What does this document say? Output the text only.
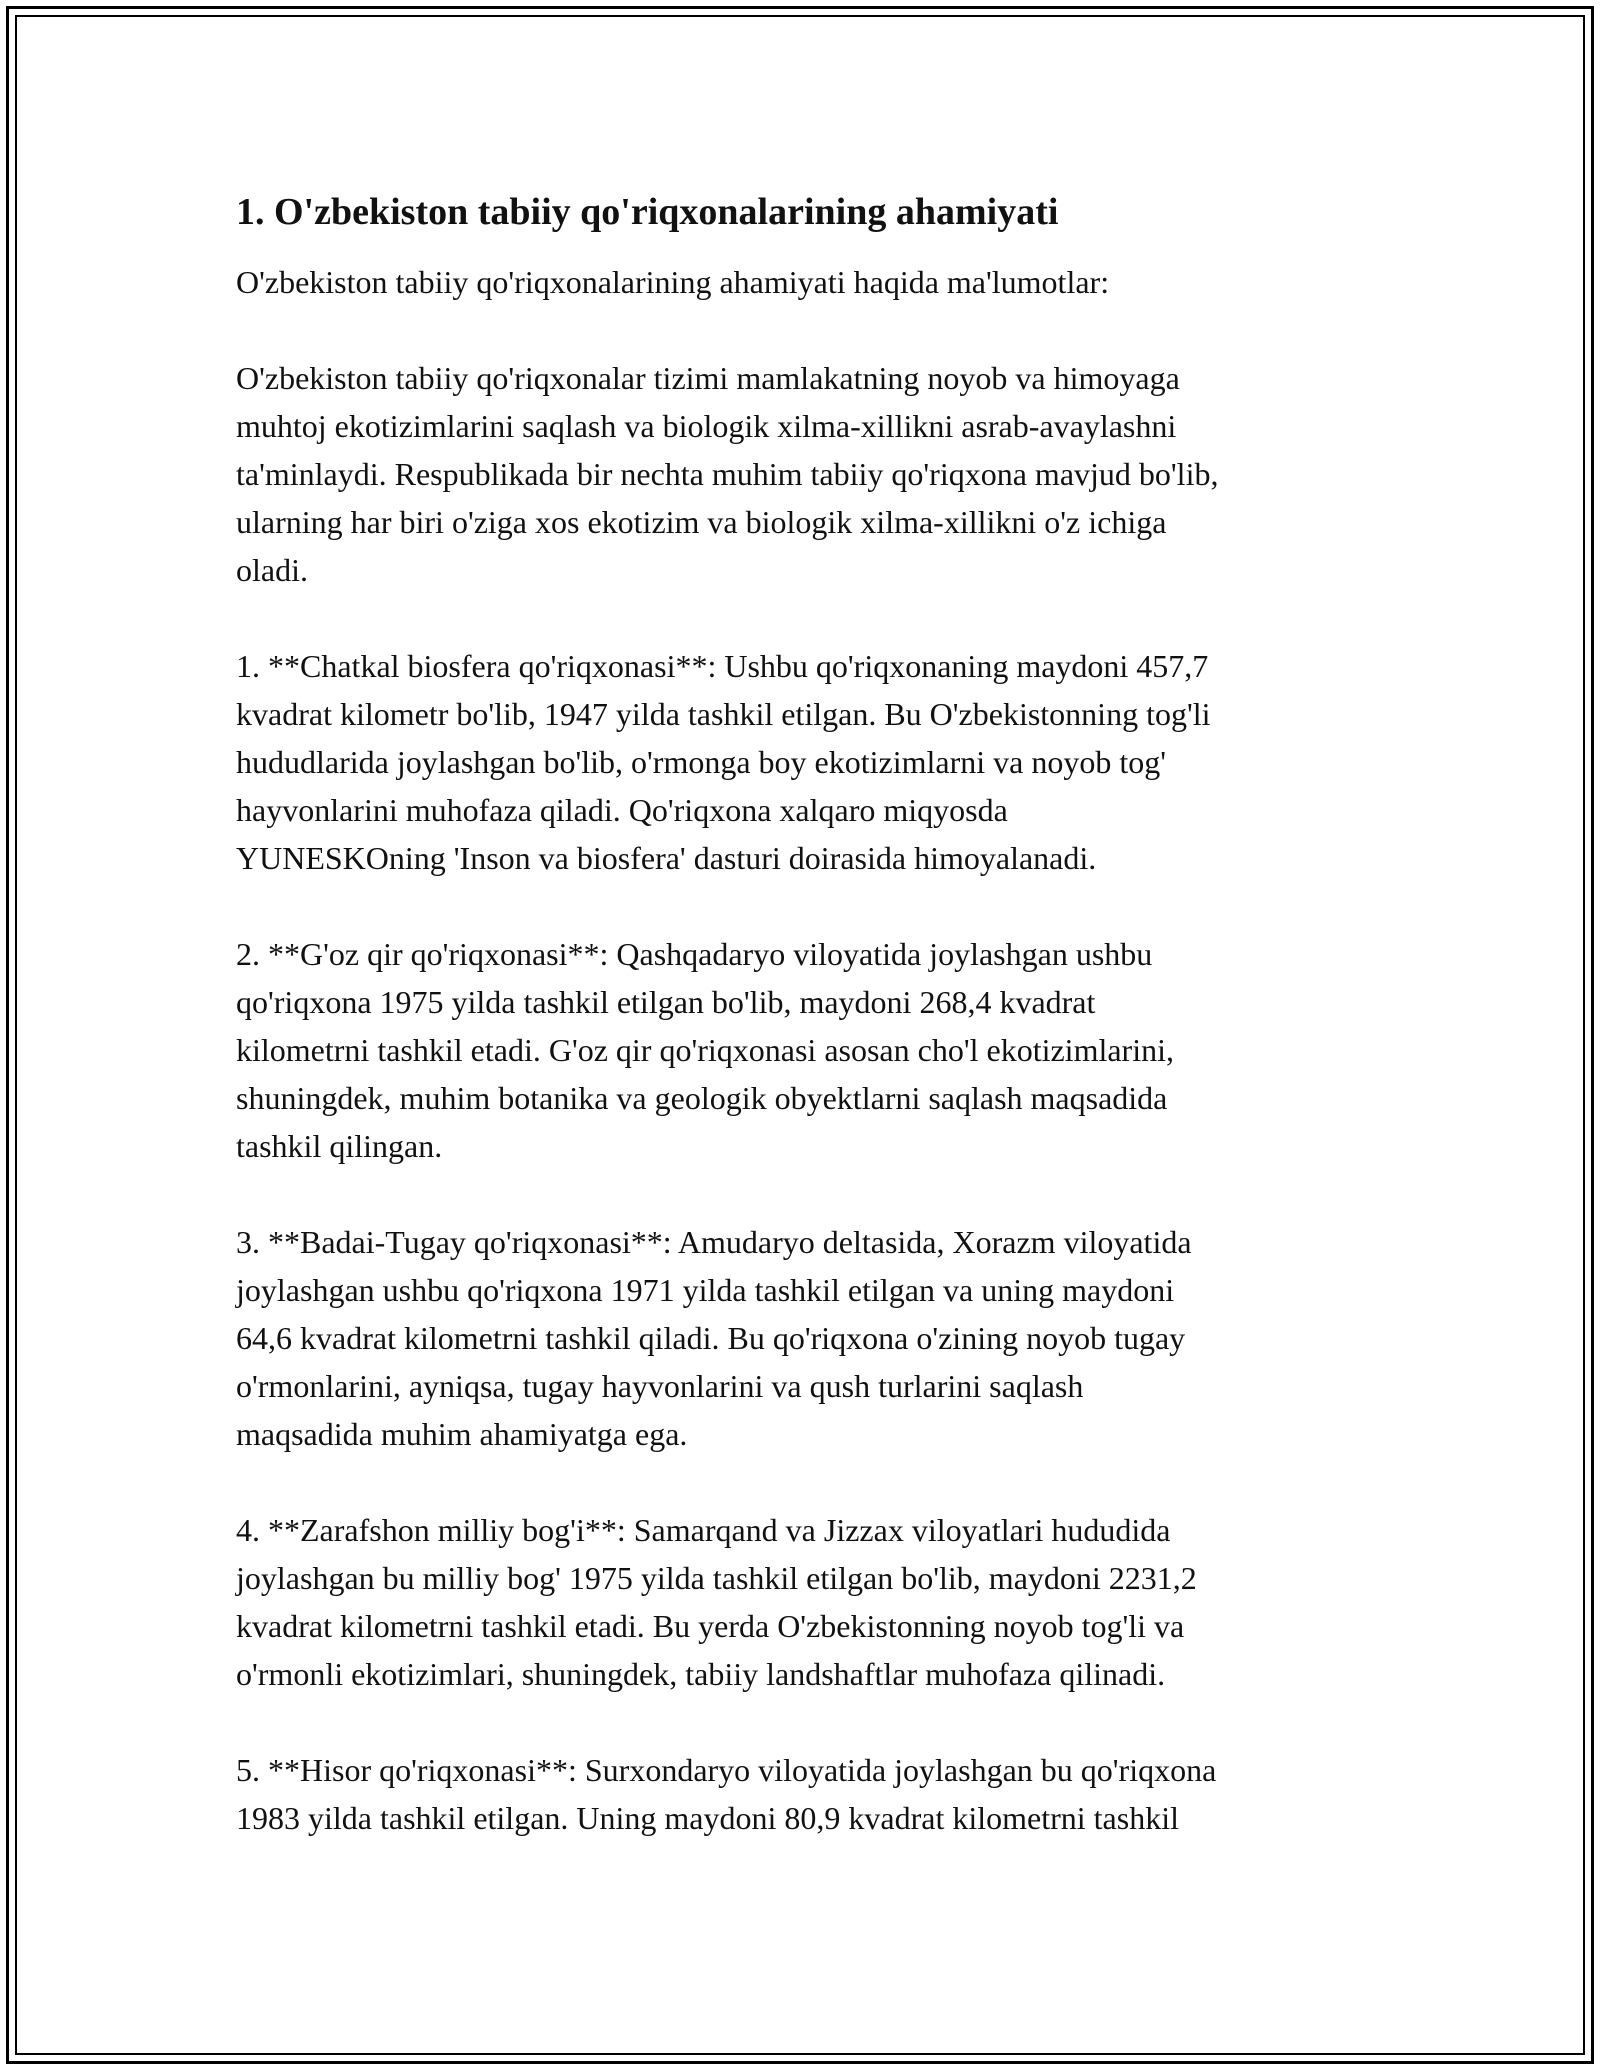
1. O'zbekiston tabiiy qo'riqxonalarining ahamiyati

O'zbekiston tabiiy qo'riqxonalarining ahamiyati haqida ma'lumotlar:

O'zbekiston tabiiy qo'riqxonalar tizimi mamlakatning noyob va himoyaga
muhtoj ekotizimlarini saqlash va biologik xilma-xillikni asrab-avaylashni
ta'minlaydi. Respublikada bir nechta muhim tabiiy qo'riqxona mavjud bo'lib,
ularning har biri o'ziga xos ekotizim va biologik xilma-xillikni o'z ichiga
oladi.

1. **Chatkal biosfera qo'riqxonasi**: Ushbu qo'riqxonaning maydoni 457,7
kvadrat kilometr bo'lib, 1947 yilda tashkil etilgan. Bu O'zbekistonning tog'li
hududlarida joylashgan bo'lib, o'rmonga boy ekotizimlarni va noyob tog'
hayvonlarini muhofaza qiladi. Qo'riqxona xalqaro miqyosda
YUNESKOning 'Inson va biosfera' dasturi doirasida himoyalanadi.

2. **G'oz qir qo'riqxonasi**: Qashqadaryo viloyatida joylashgan ushbu
qo'riqxona 1975 yilda tashkil etilgan bo'lib, maydoni 268,4 kvadrat
kilometrni tashkil etadi. G'oz qir qo'riqxonasi asosan cho'l ekotizimlarini,
shuningdek, muhim botanika va geologik obyektlarni saqlash maqsadida
tashkil qilingan.

3. **Badai-Tugay qo'riqxonasi**: Amudaryo deltasida, Xorazm viloyatida
joylashgan ushbu qo'riqxona 1971 yilda tashkil etilgan va uning maydoni
64,6 kvadrat kilometrni tashkil qiladi. Bu qo'riqxona o'zining noyob tugay
o'rmonlarini, ayniqsa, tugay hayvonlarini va qush turlarini saqlash
maqsadida muhim ahamiyatga ega.

4. **Zarafshon milliy bog'i**: Samarqand va Jizzax viloyatlari hududida
joylashgan bu milliy bog' 1975 yilda tashkil etilgan bo'lib, maydoni 2231,2
kvadrat kilometrni tashkil etadi. Bu yerda O'zbekistonning noyob tog'li va
o'rmonli ekotizimlari, shuningdek, tabiiy landshaftlar muhofaza qilinadi.

5. **Hisor qo'riqxonasi**: Surxondaryo viloyatida joylashgan bu qo'riqxona
1983 yilda tashkil etilgan. Uning maydoni 80,9 kvadrat kilometrni tashkil
